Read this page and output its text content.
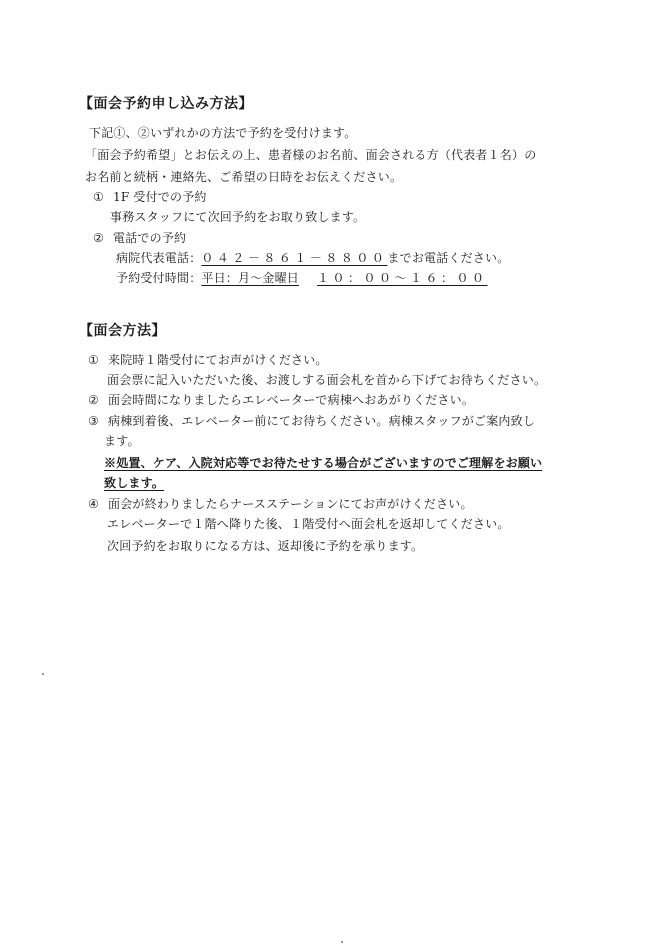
【面会予約申し込み方法】
下記①、②いずれかの方法で予約を受付けます。
「面会予約希望」とお伝えの上、患者様のお名前、面会される方（代表者１名）の
お名前と続柄・連絡先、ご希望の日時をお伝えください。
① 1F 受付での予約
事務スタッフにて次回予約をお取り致します。
② 電話での予約
病院代表電話：０４２－８６１－８８００までお電話ください。
予約受付時間：平日：月～金曜日 １０：００～１６：００
【面会方法】
① 来院時１階受付にてお声がけください。
面会票に記入いただいた後、お渡しする面会札を首から下げてお待ちください。
② 面会時間になりましたらエレベーターで病棟へおあがりください。
③ 病棟到着後、エレベーター前にてお待ちください。病棟スタッフがご案内致し
ます。
※処置、ケア、入院対応等でお待たせする場合がございますのでご理解をお願い
致します。
④ 面会が終わりましたらナースステーションにてお声がけください。
エレベーターで１階へ降りた後、１階受付へ面会札を返却してください。
次回予約をお取りになる方は、返却後に予約を承ります。
